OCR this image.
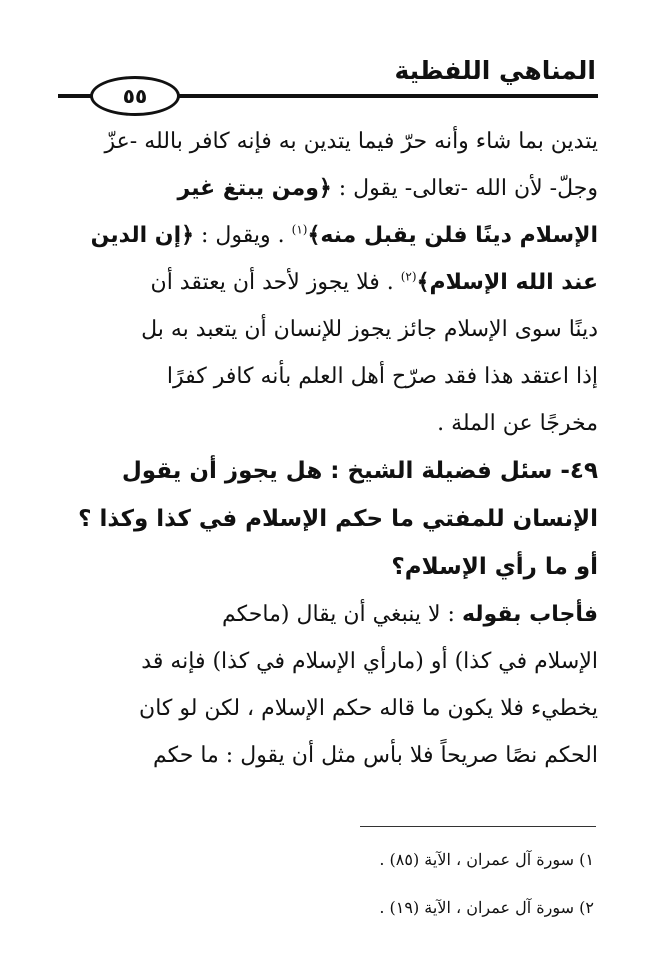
المناهي اللفظية
٥٥
يتدين بما شاء وأنه حرّ فيما يتدين به فإنه كافر بالله -عزّ
وجلّ- لأن الله -تعالى- يقول : ﴿ومن يبتغ غير
الإسلام دينًا فلن يقبل منه﴾$^{(١)}$ . ويقول : ﴿إن الدين
عند الله الإسلام﴾$^{(٢)}$ . فلا يجوز لأحد أن يعتقد أن
دينًا سوى الإسلام جائز يجوز للإنسان أن يتعبد به بل
إذا اعتقد هذا فقد صرّح أهل العلم بأنه كافر كفرًا
مخرجًا عن الملة .
٤٩- سئل فضيلة الشيخ : هل يجوز أن يقول
الإنسان للمفتي ما حكم الإسلام في كذا وكذا ؟
أو ما رأي الإسلام؟
فأجاب بقوله : لا ينبغي أن يقال (ماحكم
الإسلام في كذا) أو (مارأي الإسلام في كذا) فإنه قد
يخطيء فلا يكون ما قاله حكم الإسلام ، لكن لو كان
الحكم نصًا صريحاً فلا بأس مثل أن يقول : ما حكم
١) سورة آل عمران ، الآية (٨٥) .
٢) سورة آل عمران ، الآية (١٩) .
